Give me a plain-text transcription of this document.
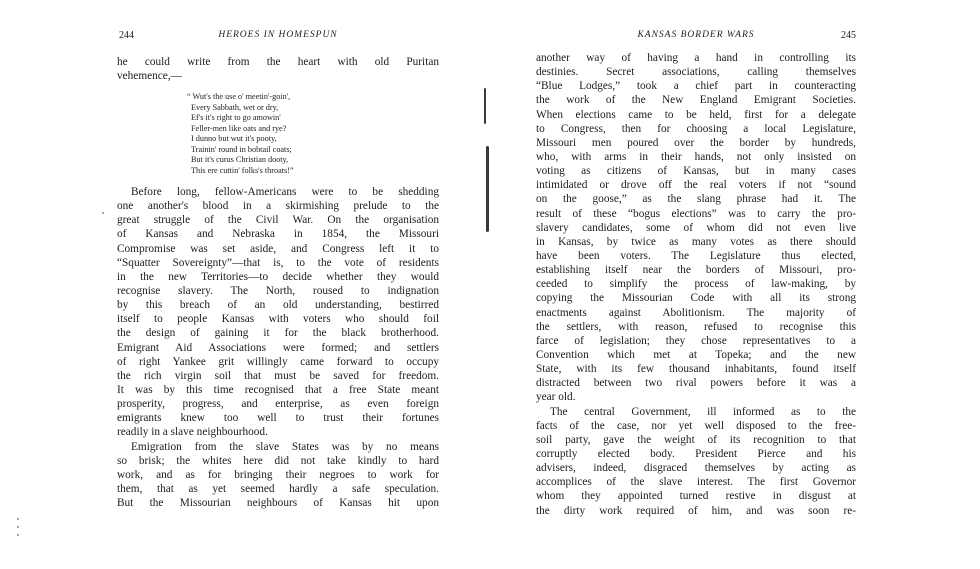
244	HEROES IN HOMESPUN
he could write from the heart with old Puritan
vehemence,—
“ Wut's the use o' meetin'-goin',
Every Sabbath, wet or dry,
Ef's it's right to go amowin'
Feller-men like oats and rye?
I dunno but wut it's pooty,
Trainin' round in bobtail coats;
But it's curus Christian dooty,
This ere cuttin' folks's throats!”
Before long, fellow-Americans were to be shedding
one another's blood in a skirmishing prelude to the
great struggle of the Civil War. On the organisation
of Kansas and Nebraska in 1854, the Missouri
Compromise was set aside, and Congress left it to
“Squatter Sovereignty”—that is, to the vote of residents
in the new Territories—to decide whether they would
recognise slavery. The North, roused to indignation
by this breach of an old understanding, bestirred
itself to people Kansas with voters who should foil
the design of gaining it for the black brotherhood.
Emigrant Aid Associations were formed; and settlers
of right Yankee grit willingly came forward to occupy
the rich virgin soil that must be saved for freedom.
It was by this time recognised that a free State meant
prosperity, progress, and enterprise, as even foreign
emigrants knew too well to trust their fortunes
readily in a slave neighbourhood.
Emigration from the slave States was by no means
so brisk; the whites here did not take kindly to hard
work, and as for bringing their negroes to work for
them, that as yet seemed hardly a safe speculation.
But the Missourian neighbours of Kansas hit upon
KANSAS BORDER WARS	245
another way of having a hand in controlling its
destinies. Secret associations, calling themselves
“Blue Lodges,” took a chief part in counteracting
the work of the New England Emigrant Societies.
When elections came to be held, first for a delegate
to Congress, then for choosing a local Legislature,
Missouri men poured over the border by hundreds,
who, with arms in their hands, not only insisted on
voting as citizens of Kansas, but in many cases
intimidated or drove off the real voters if not “sound
on the goose,” as the slang phrase had it. The
result of these “bogus elections” was to carry the pro-
slavery candidates, some of whom did not even live
in Kansas, by twice as many votes as there should
have been voters. The Legislature thus elected,
establishing itself near the borders of Missouri, pro-
ceeded to simplify the process of law-making, by
copying the Missourian Code with all its strong
enactments against Abolitionism. The majority of
the settlers, with reason, refused to recognise this
farce of legislation; they chose representatives to a
Convention which met at Topeka; and the new
State, with its few thousand inhabitants, found itself
distracted between two rival powers before it was a
year old.
The central Government, ill informed as to the
facts of the case, nor yet well disposed to the free-
soil party, gave the weight of its recognition to that
corruptly elected body. President Pierce and his
advisers, indeed, disgraced themselves by acting as
accomplices of the slave interest. The first Governor
whom they appointed turned restive in disgust at
the dirty work required of him, and was soon re-
